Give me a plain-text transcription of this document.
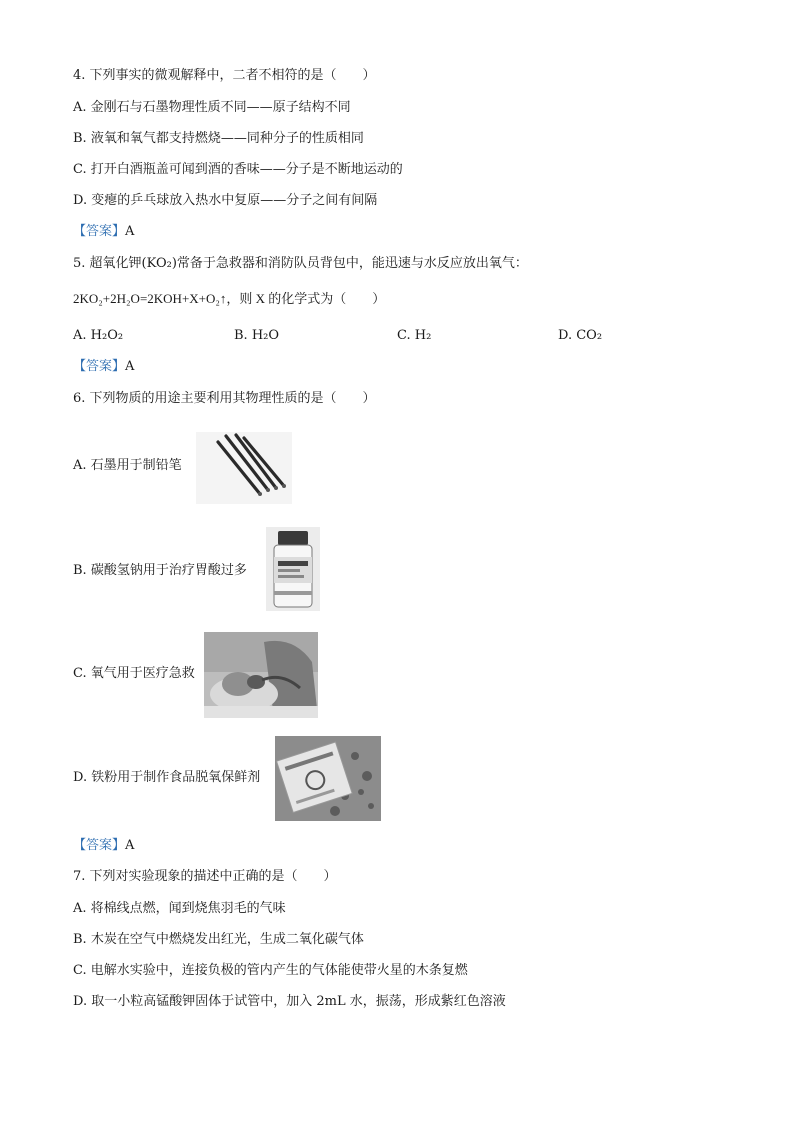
4. 下列事实的微观解释中，二者不相符的是（　　）
A. 金刚石与石墨物理性质不同——原子结构不同
B. 液氧和氧气都支持燃烧——同种分子的性质相同
C. 打开白酒瓶盖可闻到酒的香味——分子是不断地运动的
D. 变瘪的乒乓球放入热水中复原——分子之间有间隔
【答案】A
5. 超氧化钾(KO₂)常备于急救器和消防队员背包中，能迅速与水反应放出氧气：
2KO₂+2H₂O=2KOH+X+O₂↑，则 X 的化学式为（　　）
A. H₂O₂	B. H₂O	C. H₂	D. CO₂
【答案】A
6. 下列物质的用途主要利用其物理性质的是（　　）
A. 石墨用于制铅笔
B. 碳酸氢钠用于治疗胃酸过多
C. 氧气用于医疗急救
D. 铁粉用于制作食品脱氧保鲜剂
【答案】A
7. 下列对实验现象的描述中正确的是（　　）
A. 将棉线点燃，闻到烧焦羽毛的气味
B. 木炭在空气中燃烧发出红光，生成二氧化碳气体
C. 电解水实验中，连接负极的管内产生的气体能使带火星的木条复燃
D. 取一小粒高锰酸钾固体于试管中，加入 2mL 水，振荡，形成紫红色溶液
